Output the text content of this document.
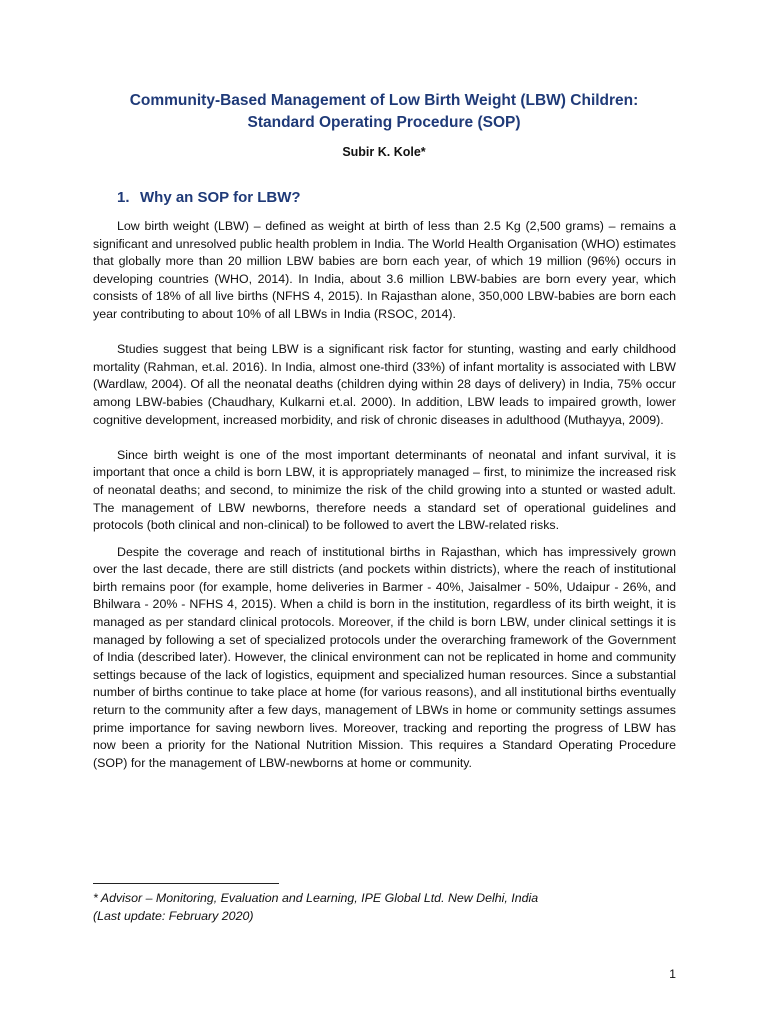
Community-Based Management of Low Birth Weight (LBW) Children:
Standard Operating Procedure (SOP)
Subir K. Kole*
1. Why an SOP for LBW?

Low birth weight (LBW) – defined as weight at birth of less than 2.5 Kg (2,500 grams) – remains a significant and unresolved public health problem in India. The World Health Organisation (WHO) estimates that globally more than 20 million LBW babies are born each year, of which 19 million (96%) occurs in developing countries (WHO, 2014). In India, about 3.6 million LBW-babies are born every year, which consists of 18% of all live births (NFHS 4, 2015). In Rajasthan alone, 350,000 LBW-babies are born each year contributing to about 10% of all LBWs in India (RSOC, 2014).

Studies suggest that being LBW is a significant risk factor for stunting, wasting and early childhood mortality (Rahman, et.al. 2016). In India, almost one-third (33%) of infant mortality is associated with LBW (Wardlaw, 2004). Of all the neonatal deaths (children dying within 28 days of delivery) in India, 75% occur among LBW-babies (Chaudhary, Kulkarni et.al. 2000). In addition, LBW leads to impaired growth, lower cognitive development, increased morbidity, and risk of chronic diseases in adulthood (Muthayya, 2009).

Since birth weight is one of the most important determinants of neonatal and infant survival, it is important that once a child is born LBW, it is appropriately managed – first, to minimize the increased risk of neonatal deaths; and second, to minimize the risk of the child growing into a stunted or wasted adult. The management of LBW newborns, therefore needs a standard set of operational guidelines and protocols (both clinical and non-clinical) to be followed to avert the LBW-related risks.

Despite the coverage and reach of institutional births in Rajasthan, which has impressively grown over the last decade, there are still districts (and pockets within districts), where the reach of institutional birth remains poor (for example, home deliveries in Barmer - 40%, Jaisalmer - 50%, Udaipur - 26%, and Bhilwara - 20% - NFHS 4, 2015). When a child is born in the institution, regardless of its birth weight, it is managed as per standard clinical protocols. Moreover, if the child is born LBW, under clinical settings it is managed by following a set of specialized protocols under the overarching framework of the Government of India (described later). However, the clinical environment can not be replicated in home and community settings because of the lack of logistics, equipment and specialized human resources. Since a substantial number of births continue to take place at home (for various reasons), and all institutional births eventually return to the community after a few days, management of LBWs in home or community settings assumes prime importance for saving newborn lives. Moreover, tracking and reporting the progress of LBW has now been a priority for the National Nutrition Mission. This requires a Standard Operating Procedure (SOP) for the management of LBW-newborns at home or community.

* Advisor – Monitoring, Evaluation and Learning, IPE Global Ltd. New Delhi, India
(Last update: February 2020)
1
